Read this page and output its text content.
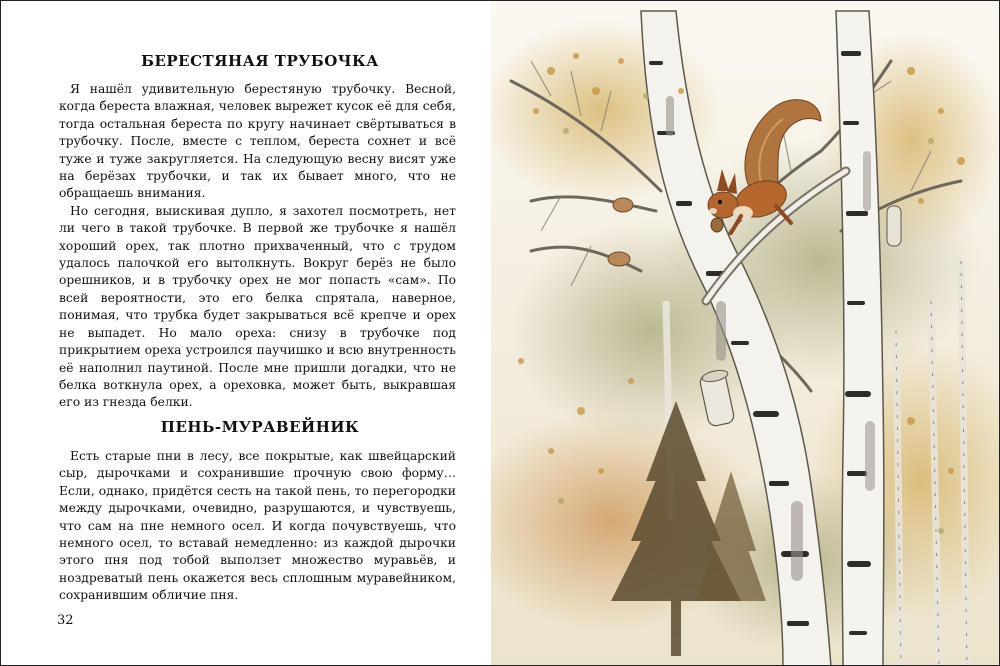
БЕРЕСТЯНАЯ ТРУБОЧКА

Я нашёл удивительную берестяную трубочку. Весной, когда береста влажная, человек вырежет кусок её для себя, тогда остальная береста по кругу начинает свёртываться в трубочку. После, вместе с теплом, береста сохнет и всё туже и туже закругляется. На следующую весну висят уже на берёзах трубочки, и так их бывает много, что не обращаешь внимания.

Но сегодня, выискивая дупло, я захотел посмотреть, нет ли чего в такой трубочке. В первой же трубочке я нашёл хороший орех, так плотно прихваченный, что с трудом удалось палочкой его вытолкнуть. Вокруг берёз не было орешников, и в трубочку орех не мог попасть «сам». По всей вероятности, это его белка спрятала, наверное, понимая, что трубка будет закрываться всё крепче и орех не выпадет. Но мало ореха: снизу в трубочке под прикрытием ореха устроился паучишко и всю внутренность её наполнил паутиной. После мне пришли догадки, что не белка воткнула орех, а ореховка, может быть, выкравшая его из гнезда белки.

ПЕНЬ-МУРАВЕЙНИК

Есть старые пни в лесу, все покрытые, как швейцарский сыр, дырочками и сохранившие прочную свою форму… Если, однако, придётся сесть на такой пень, то перегородки между дырочками, очевидно, разрушаются, и чувствуешь, что сам на пне немного осел. И когда почувствуешь, что немного осел, то вставай немедленно: из каждой дырочки этого пня под тобой выползет множество муравьёв, и ноздреватый пень окажется весь сплошным муравейником, сохранившим обличие пня.

32
